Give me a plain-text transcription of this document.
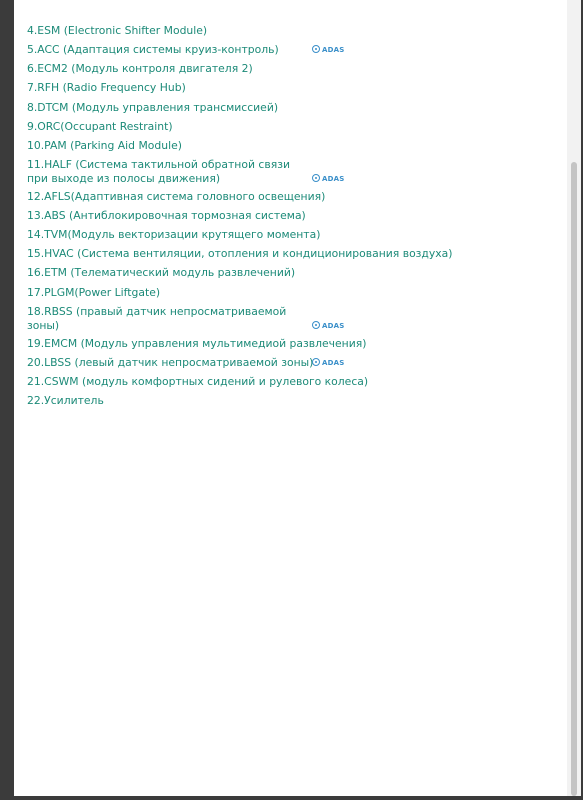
4.ESM (Electronic Shifter Module)
5.ACC (Адаптация системы круиз-контроль)	ADAS
6.ECM2 (Модуль контроля двигателя 2)
7.RFH (Radio Frequency Hub)
8.DTCM (Модуль управления трансмиссией)
9.ORC(Occupant Restraint)
10.PAM (Parking Aid Module)
11.HALF (Система тактильной обратной связи при выходе из полосы движения)	ADAS
12.AFLS(Адаптивная система головного освещения)
13.ABS (Антиблокировочная тормозная система)
14.TVM(Модуль векторизации крутящего момента)
15.HVAC (Система вентиляции, отопления и кондиционирования воздуха)
16.ETM (Телематический модуль развлечений)
17.PLGM(Power Liftgate)
18.RBSS (правый датчик непросматриваемой зоны)	ADAS
19.EMCM (Модуль управления мультимедиой развлечения)
20.LBSS (левый датчик непросматриваемой зоны)	ADAS
21.CSWM (модуль комфортных сидений и рулевого колеса)
22.Усилитель
